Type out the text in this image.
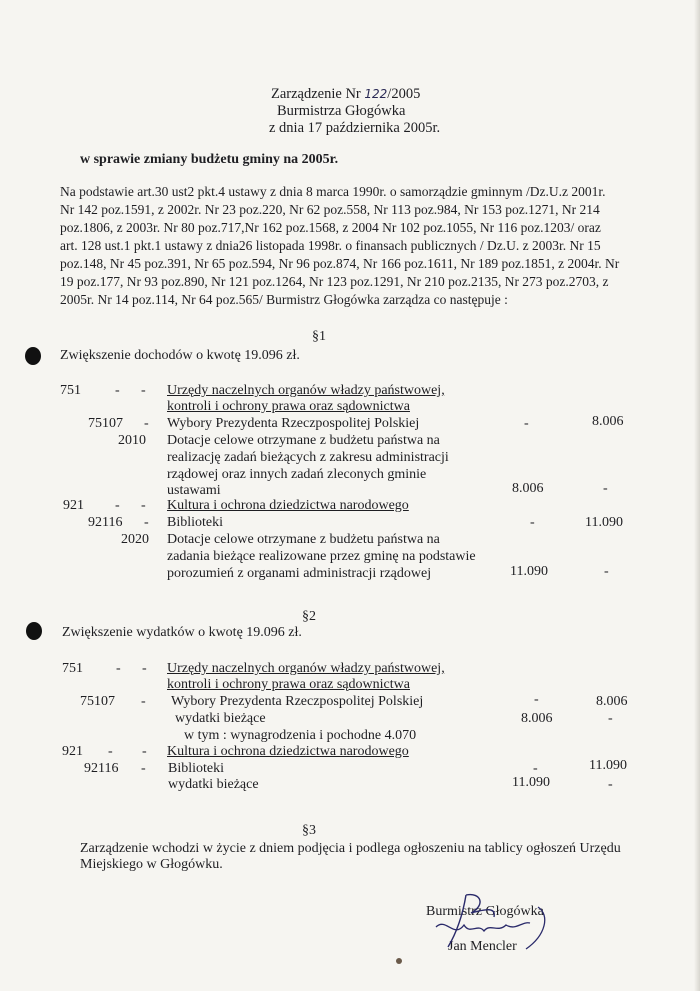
Zarządzenie Nr 122/2005
Burmistrza Głogówka
z dnia 17 października 2005r.
w sprawie zmiany budżetu gminy na 2005r.
Na podstawie art.30 ust2 pkt.4 ustawy z dnia 8 marca 1990r. o samorządzie gminnym /Dz.U.z 2001r.
Nr 142 poz.1591, z 2002r. Nr 23 poz.220, Nr 62 poz.558, Nr 113 poz.984, Nr 153 poz.1271, Nr 214
poz.1806, z 2003r. Nr 80 poz.717,Nr 162 poz.1568, z 2004 Nr 102 poz.1055, Nr 116 poz.1203/ oraz
art. 128 ust.1 pkt.1 ustawy z dnia26 listopada 1998r. o finansach publicznych / Dz.U. z 2003r. Nr 15
poz.148, Nr 45 poz.391, Nr 65 poz.594, Nr 96 poz.874, Nr 166 poz.1611, Nr 189 poz.1851, z 2004r. Nr
19 poz.177, Nr 93 poz.890, Nr 121 poz.1264, Nr 123 poz.1291, Nr 210 poz.2135, Nr 273 poz.2703, z
2005r. Nr 14 poz.114, Nr 64 poz.565/ Burmistrz Głogówka zarządza co następuje :
§1
Zwiększenie dochodów o kwotę 19.096 zł.
751 - - Urzędy naczelnych organów władzy państwowej,
kontroli i ochrony prawa oraz sądownictwa
75107 - Wybory Prezydenta Rzeczpospolitej Polskiej	-	8.006
2010 Dotacje celowe otrzymane z budżetu państwa na
realizację zadań bieżących z zakresu administracji
rządowej oraz innych zadań zleconych gminie
ustawami	8.006	-
921 - - Kultura i ochrona dziedzictwa narodowego
92116 - Biblioteki	-	11.090
2020 Dotacje celowe otrzymane z budżetu państwa na
zadania bieżące realizowane przez gminę na podstawie
porozumień z organami administracji rządowej	11.090	-
§2
Zwiększenie wydatków o kwotę 19.096 zł.
751 - - Urzędy naczelnych organów władzy państwowej,
kontroli i ochrony prawa oraz sądownictwa
75107 - Wybory Prezydenta Rzeczpospolitej Polskiej	-	8.006
wydatki bieżące	8.006	-
w tym : wynagrodzenia i pochodne 4.070
921 - - Kultura i ochrona dziedzictwa narodowego
92116 - Biblioteki	-	11.090
wydatki bieżące	11.090	-
§3
Zarządzenie wchodzi w życie z dniem podjęcia i podlega ogłoszeniu na tablicy ogłoszeń Urzędu
Miejskiego w Głogówku.
Burmistrz Głogówka
Jan Mencler
